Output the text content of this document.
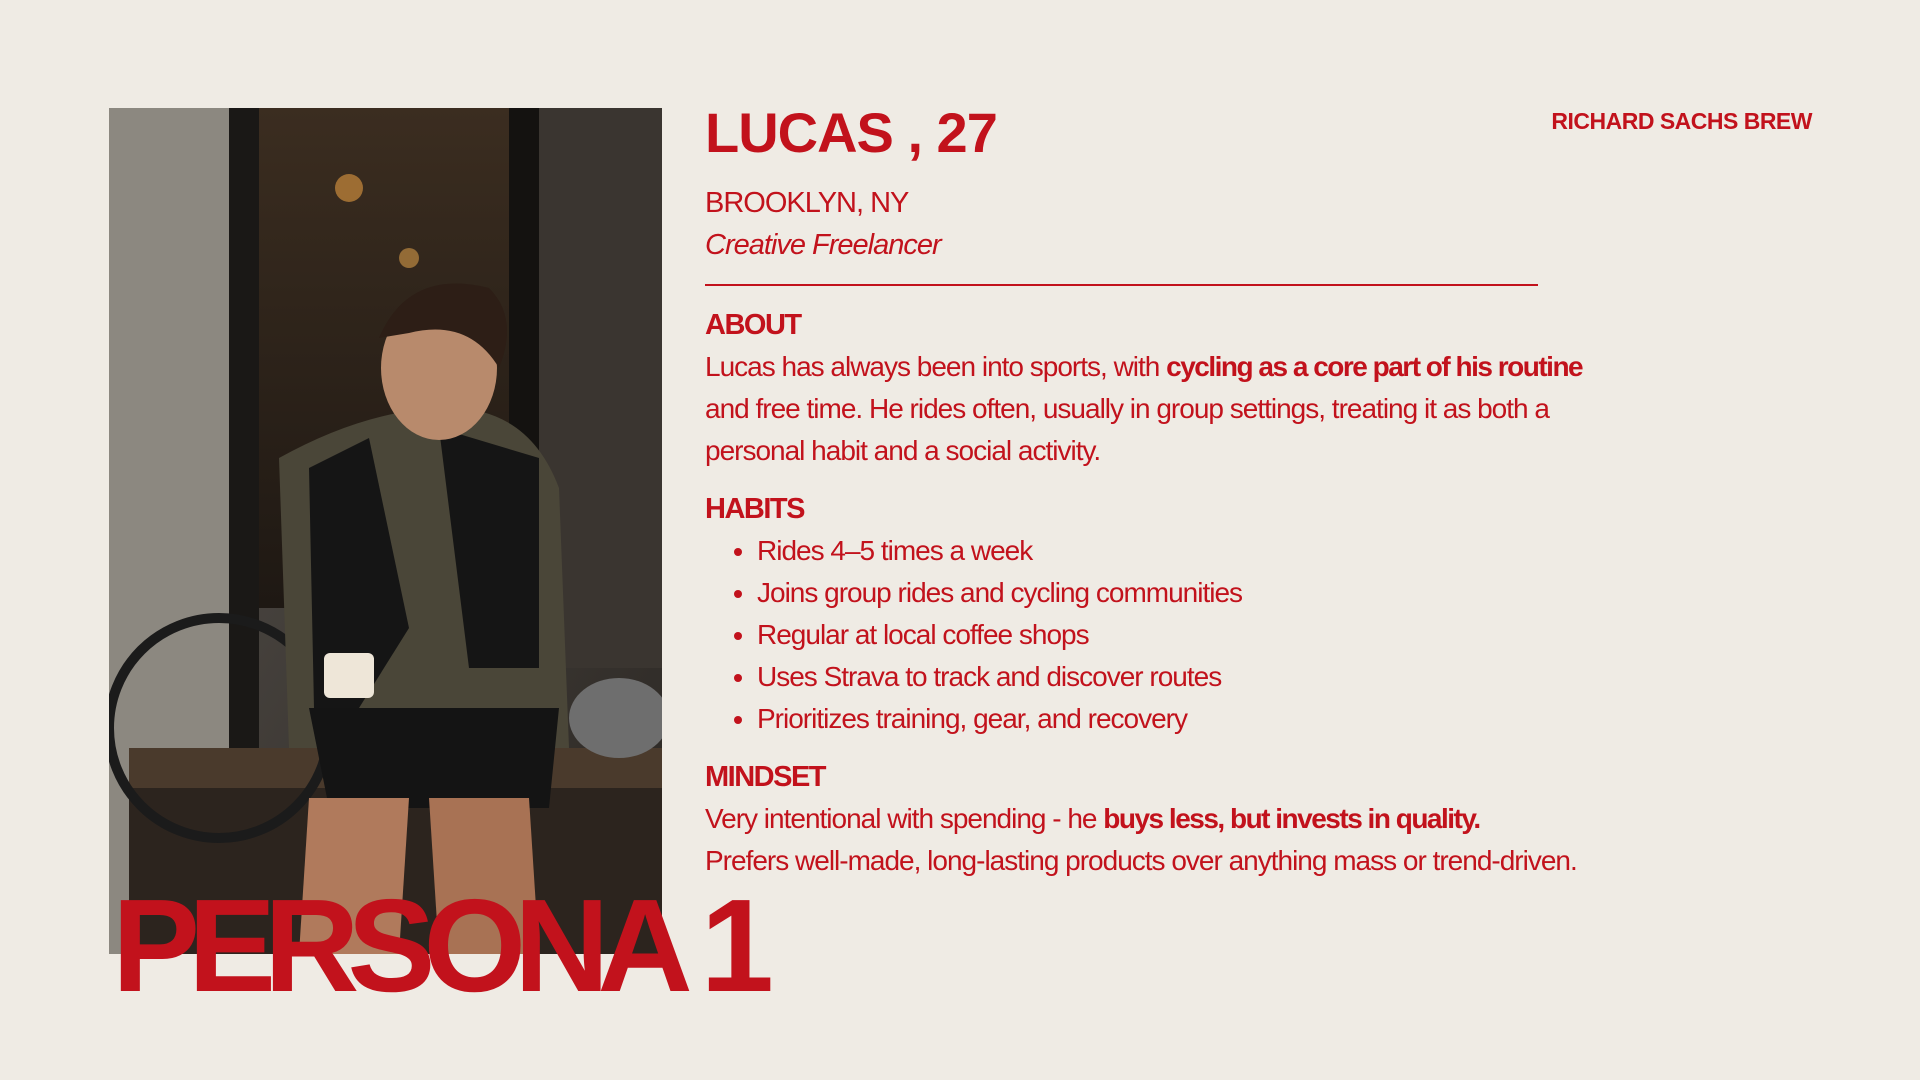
RICHARD SACHS BREW
LUCAS , 27
BROOKLYN, NY
Creative Freelancer
ABOUT

Lucas has always been into sports, with cycling as a core part of his routine and free time. He rides often, usually in group settings, treating it as both a personal habit and a social activity.

HABITS
• Rides 4–5 times a week
• Joins group rides and cycling communities
• Regular at local coffee shops
• Uses Strava to track and discover routes
• Prioritizes training, gear, and recovery
MINDSET

Very intentional with spending - he buys less, but invests in quality.
Prefers well-made, long-lasting products over anything mass or trend-driven.

PERSONA 1
